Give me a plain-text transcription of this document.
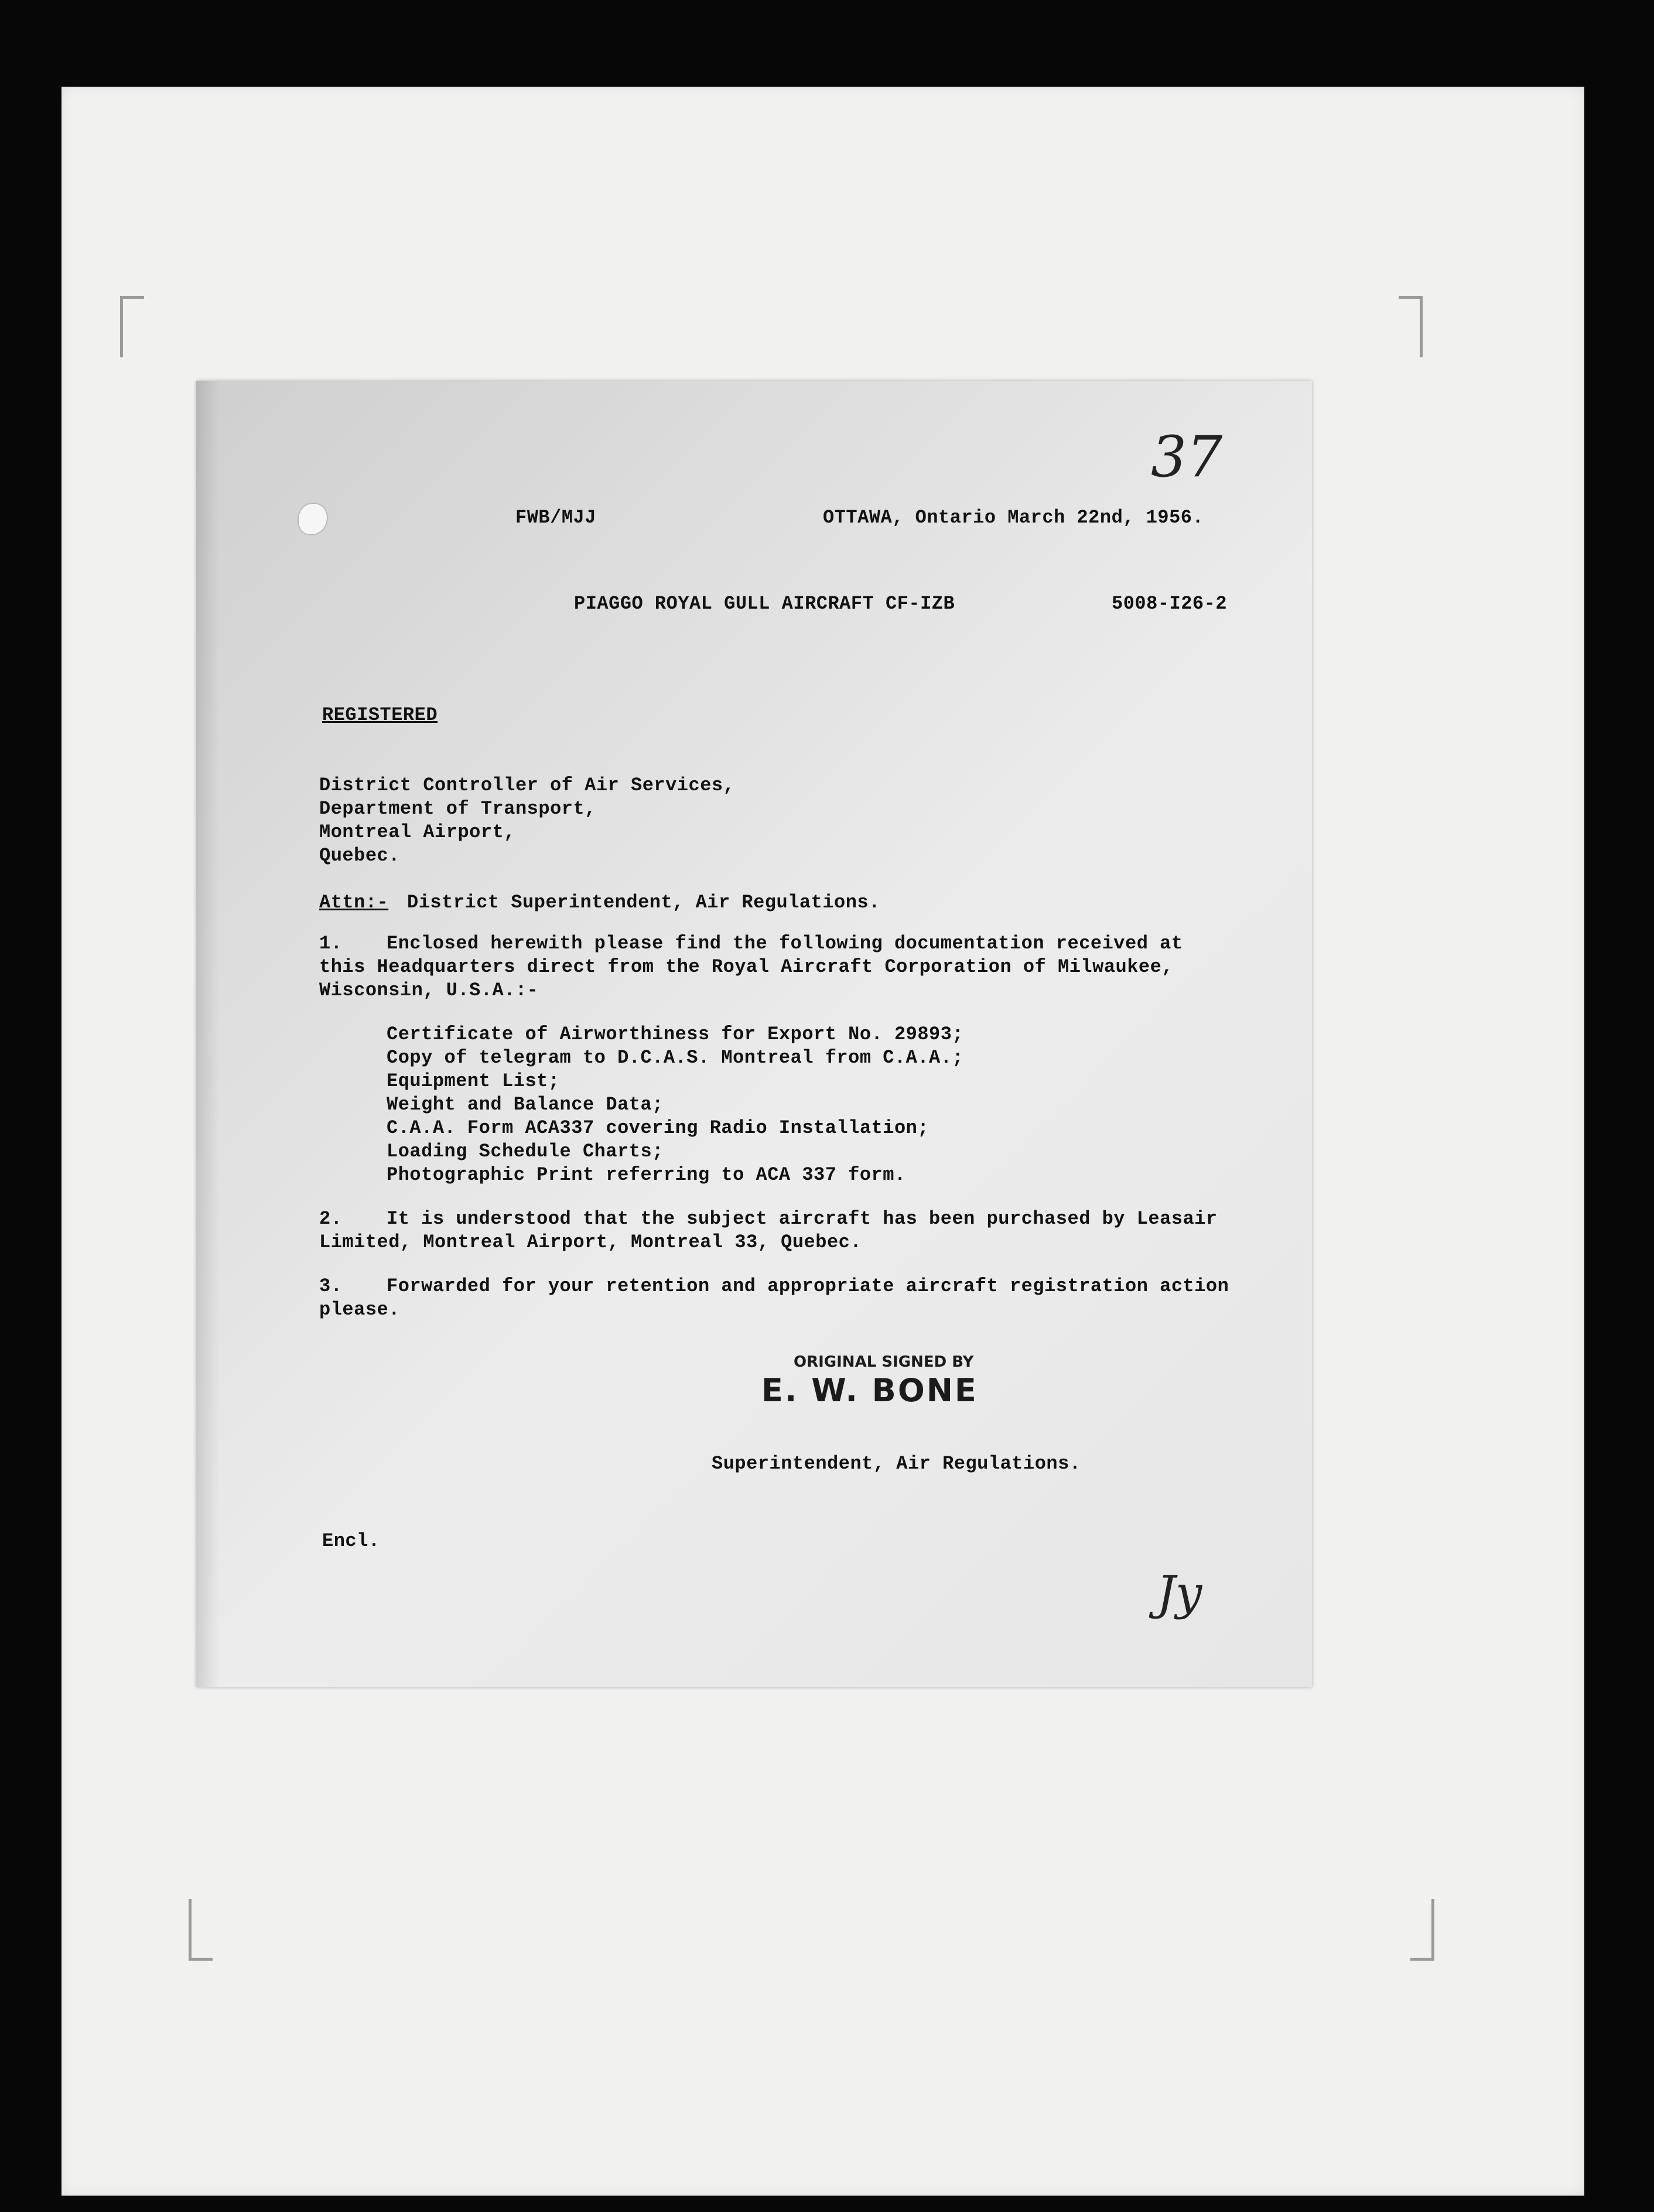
37
FWB/MJJ	OTTAWA, Ontario March 22nd, 1956.
PIAGGO ROYAL GULL AIRCRAFT CF-IZB	5008-I26-2
REGISTERED
District Controller of Air Services,
Department of Transport,
Montreal Airport,
Quebec.
Attn:- District Superintendent, Air Regulations.
1. Enclosed herewith please find the following documentation received at
this Headquarters direct from the Royal Aircraft Corporation of Milwaukee,
Wisconsin, U.S.A.:-
Certificate of Airworthiness for Export No. 29893;
Copy of telegram to D.C.A.S. Montreal from C.A.A.;
Equipment List;
Weight and Balance Data;
C.A.A. Form ACA337 covering Radio Installation;
Loading Schedule Charts;
Photographic Print referring to ACA 337 form.
2. It is understood that the subject aircraft has been purchased by Leasair
Limited, Montreal Airport, Montreal 33, Quebec.
3. Forwarded for your retention and appropriate aircraft registration action
please.
ORIGINAL SIGNED BY
E. W. BONE
Superintendent, Air Regulations.
Encl.
Jy
